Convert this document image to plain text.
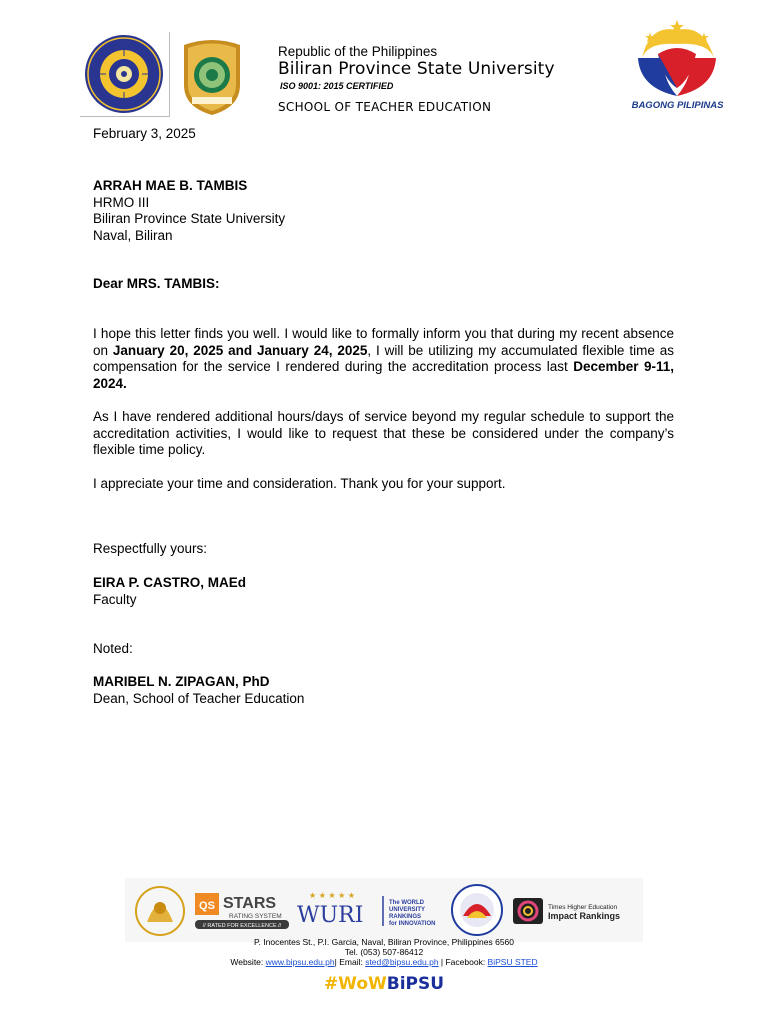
Republic of the Philippines
Biliran Province State University
ISO 9001: 2015 CERTIFIED
SCHOOL OF TEACHER EDUCATION	BAGONG PILIPINAS
February 3, 2025
ARRAH MAE B. TAMBIS
HRMO III
Biliran Province State University
Naval, Biliran
Dear MRS. TAMBIS:
I hope this letter finds you well. I would like to formally inform you that during my recent absence on January 20, 2025 and January 24, 2025, I will be utilizing my accumulated flexible time as compensation for the service I rendered during the accreditation process last December 9-11, 2024.
As I have rendered additional hours/days of service beyond my regular schedule to support the accreditation activities, I would like to request that these be considered under the company’s flexible time policy.
I appreciate your time and consideration. Thank you for your support.
Respectfully yours:
EIRA P. CASTRO, MAEd
Faculty
Noted:
MARIBEL N. ZIPAGAN, PhD
Dean, School of Teacher Education
QS STARS
RATING SYSTEM
// RATED FOR EXCELLENCE //
★ ★ ★ ★ ★
WURI	The WORLD
UNIVERSITY
RANKINGS
for INNOVATION
Times Higher Education
Impact Rankings
P. Inocentes St., P.I. Garcia, Naval, Biliran Province, Philippines 6560
Tel. (053) 507-86412
Website: www.bipsu.edu.ph| Email: sted@bipsu.edu.ph | Facebook: BiPSU STED
#WoWBiPSU
